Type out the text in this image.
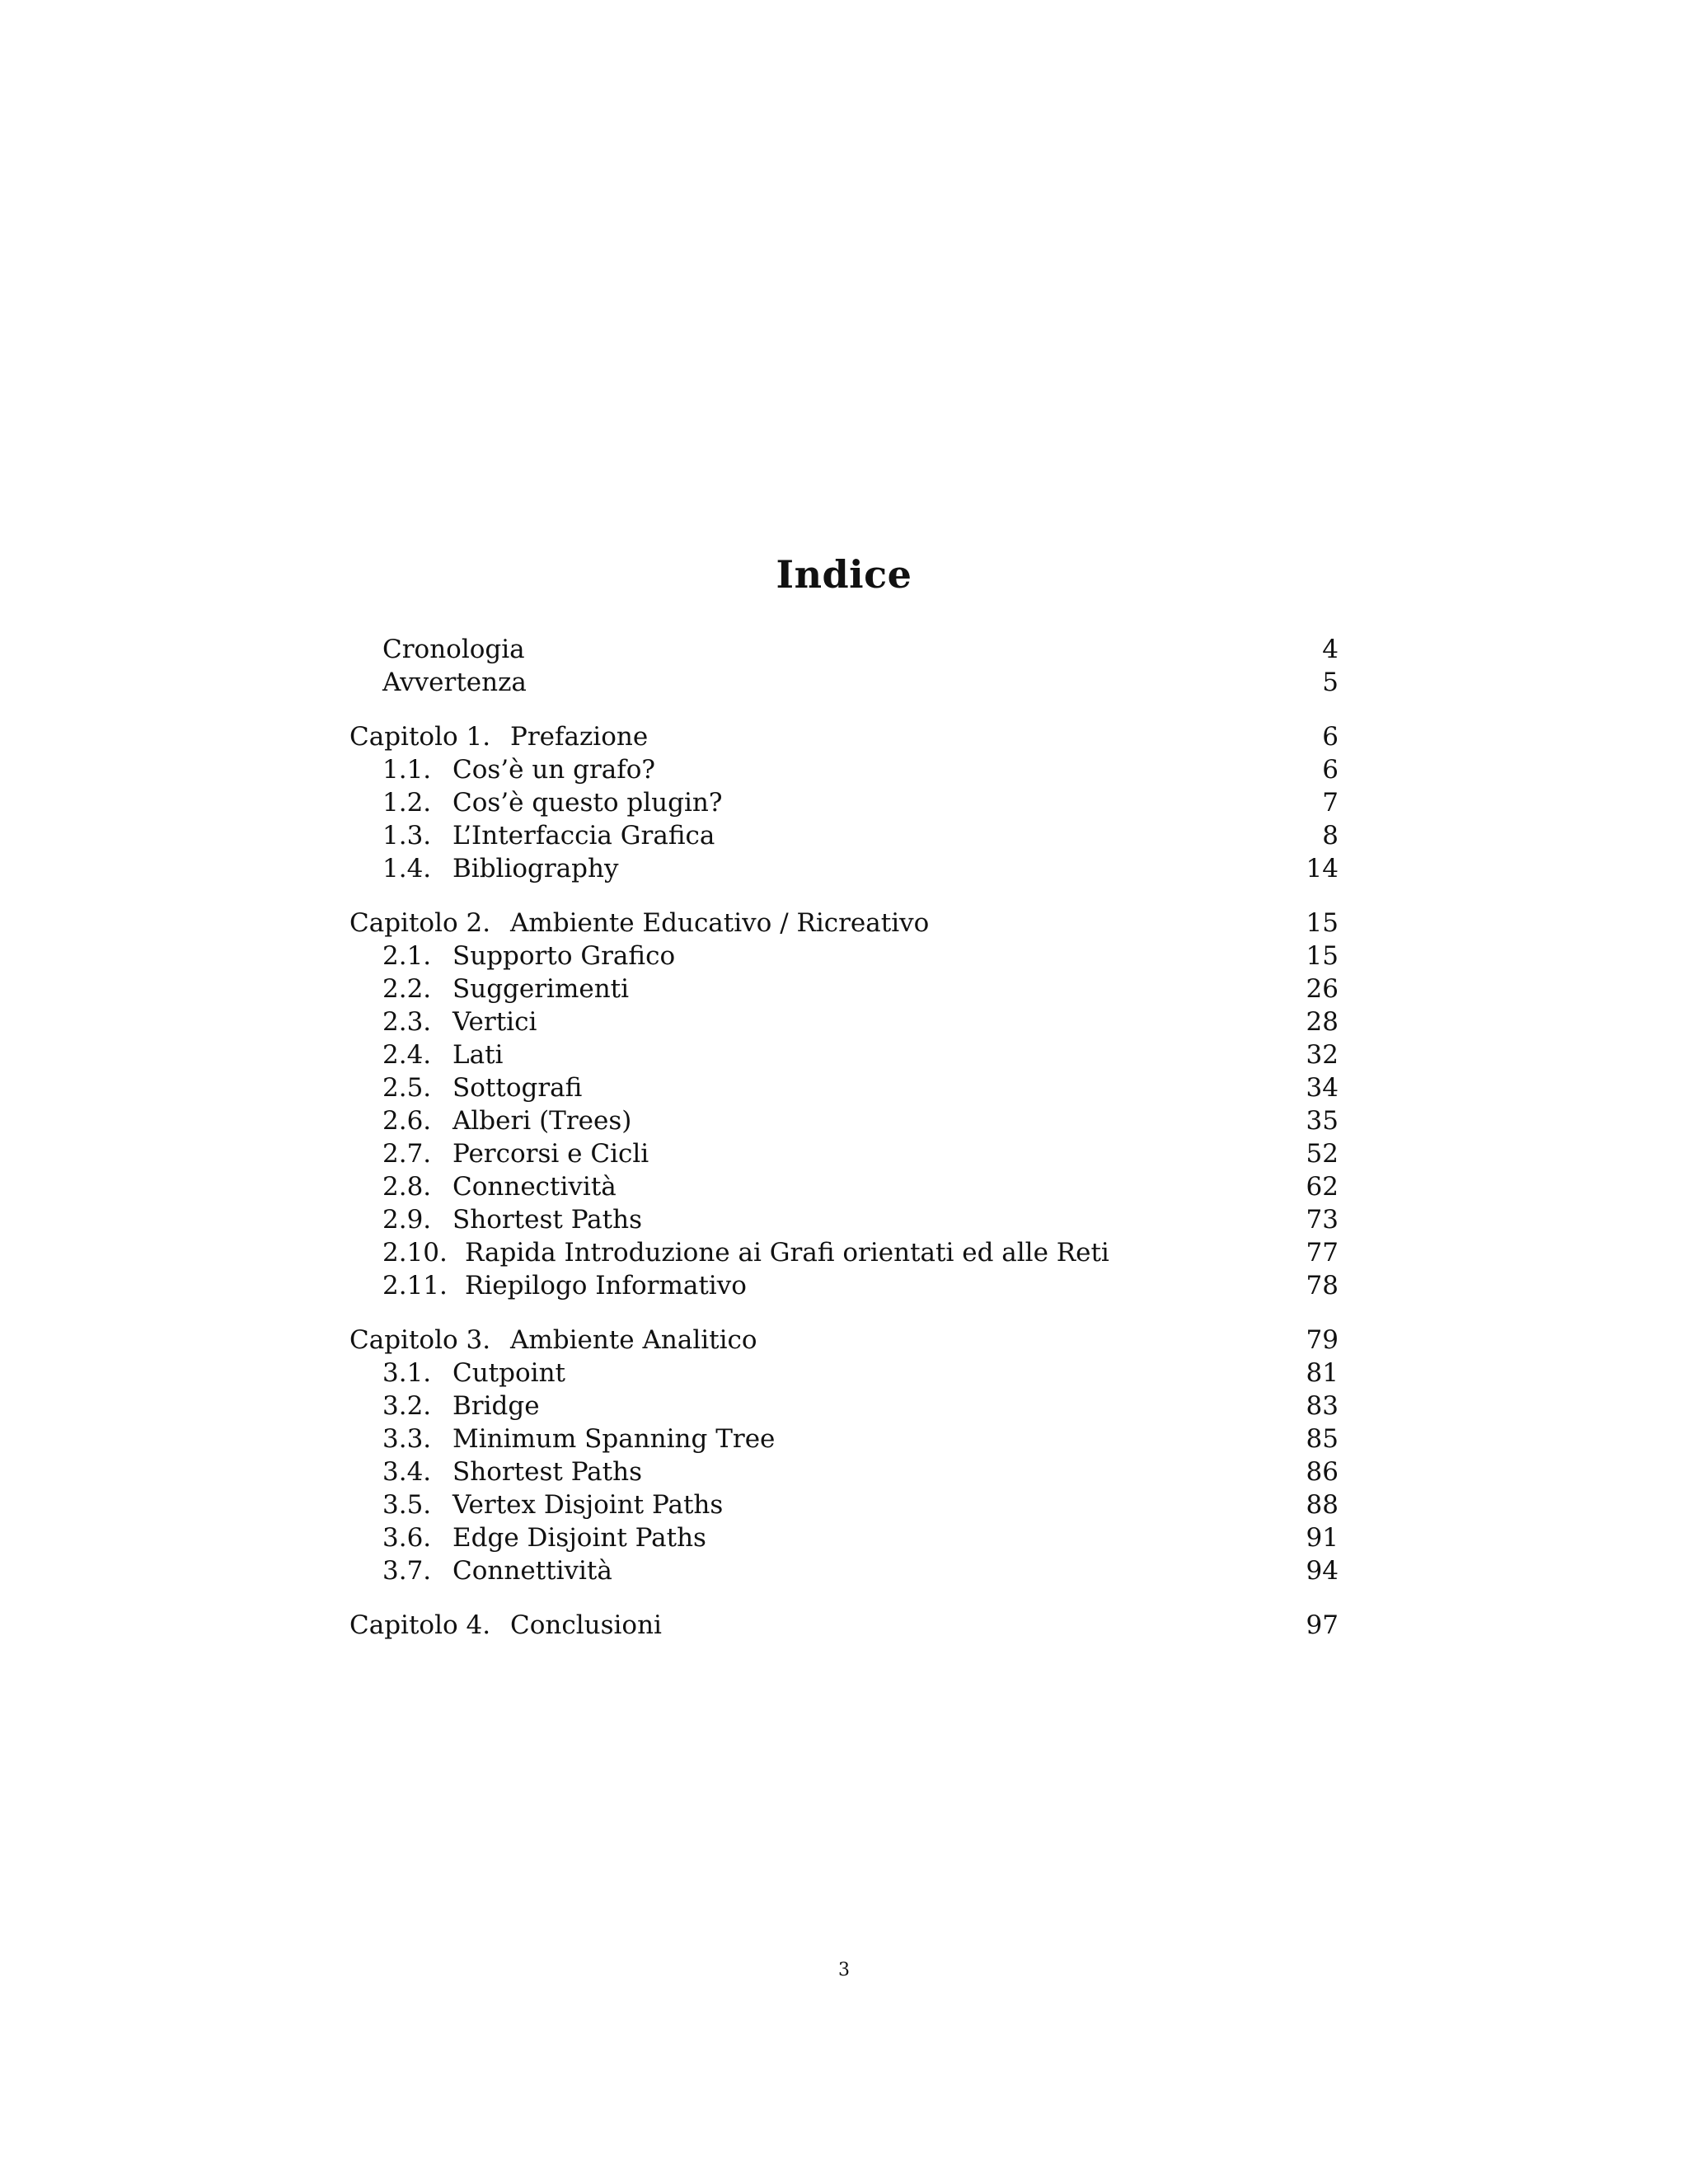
Indice
Cronologia	4
Avvertenza	5
Capitolo 1. Prefazione	6
1.1. Cos’è un grafo?	6
1.2. Cos’è questo plugin?	7
1.3. L’Interfaccia Grafica	8
1.4. Bibliography	14
Capitolo 2. Ambiente Educativo / Ricreativo	15
2.1. Supporto Grafico	15
2.2. Suggerimenti	26
2.3. Vertici	28
2.4. Lati	32
2.5. Sottografi	34
2.6. Alberi (Trees)	35
2.7. Percorsi e Cicli	52
2.8. Connectività	62
2.9. Shortest Paths	73
2.10. Rapida Introduzione ai Grafi orientati ed alle Reti	77
2.11. Riepilogo Informativo	78
Capitolo 3. Ambiente Analitico	79
3.1. Cutpoint	81
3.2. Bridge	83
3.3. Minimum Spanning Tree	85
3.4. Shortest Paths	86
3.5. Vertex Disjoint Paths	88
3.6. Edge Disjoint Paths	91
3.7. Connettività	94
Capitolo 4. Conclusioni	97
3
